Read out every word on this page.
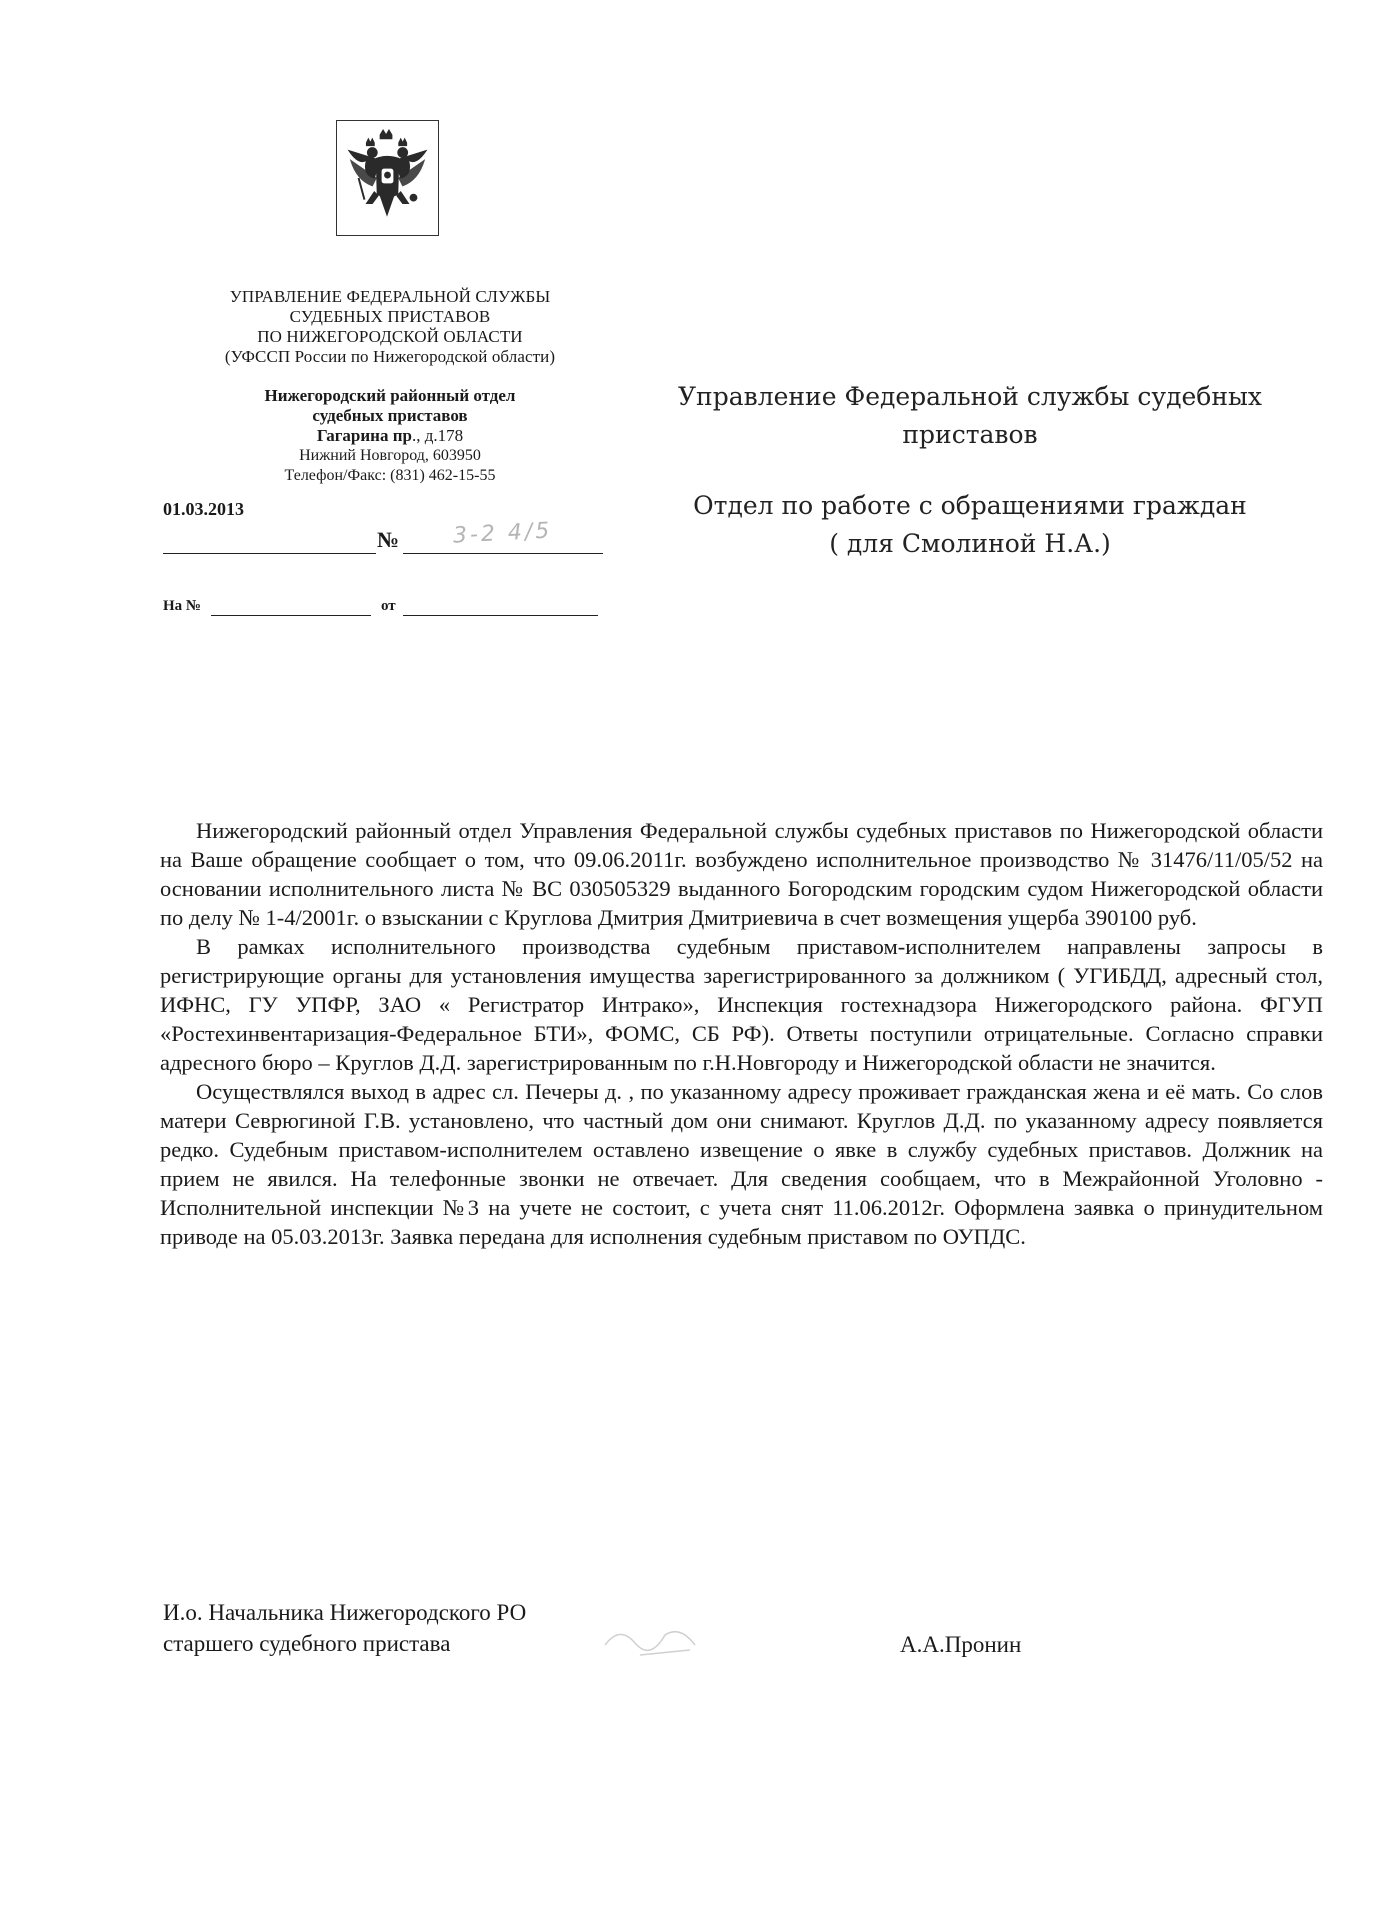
УПРАВЛЕНИЕ ФЕДЕРАЛЬНОЙ СЛУЖБЫ
СУДЕБНЫХ ПРИСТАВОВ
ПО НИЖЕГОРОДСКОЙ ОБЛАСТИ
(УФССП России по Нижегородской области)
Нижегородский районный отдел
судебных приставов
Гагарина пр., д.178
Нижний Новгород, 603950
Телефон/Факс: (831) 462-15-55
01.03.2013
№ 3-2 4/5
На №	от
Управление Федеральной службы судебных
приставов
Отдел по работе с обращениями граждан
( для Смолиной Н.А.)

Нижегородский районный отдел Управления Федеральной службы судебных приставов по Нижегородской области на Ваше обращение сообщает о том, что 09.06.2011г. возбуждено исполнительное производство № 31476/11/05/52 на основании исполнительного листа № ВС 030505329 выданного Богородским городским судом Нижегородской области по делу № 1-4/2001г. о взыскании с Круглова Дмитрия Дмитриевича в счет возмещения ущерба 390100 руб.

В рамках исполнительного производства судебным приставом-исполнителем направлены запросы в регистрирующие органы для установления имущества зарегистрированного за должником ( УГИБДД, адресный стол, ИФНС, ГУ УПФР, ЗАО « Регистратор Интрако», Инспекция гостехнадзора Нижегородского района. ФГУП «Ростехинвентаризация-Федеральное БТИ», ФОМС, СБ РФ). Ответы поступили отрицательные. Согласно справки адресного бюро – Круглов Д.Д. зарегистрированным по г.Н.Новгороду и Нижегородской области не значится.

Осуществлялся выход в адрес сл. Печеры д. , по указанному адресу проживает гражданская жена и её мать. Со слов матери Севрюгиной Г.В. установлено, что частный дом они снимают. Круглов Д.Д. по указанному адресу появляется редко. Судебным приставом-исполнителем оставлено извещение о явке в службу судебных приставов. Должник на прием не явился. На телефонные звонки не отвечает. Для сведения сообщаем, что в Межрайонной Уголовно - Исполнительной инспекции №3 на учете не состоит, с учета снят 11.06.2012г. Оформлена заявка о принудительном приводе на 05.03.2013г. Заявка передана для исполнения судебным приставом по ОУПДС.

И.о. Начальника Нижегородского РО
старшего судебного пристава	А.А.Пронин
